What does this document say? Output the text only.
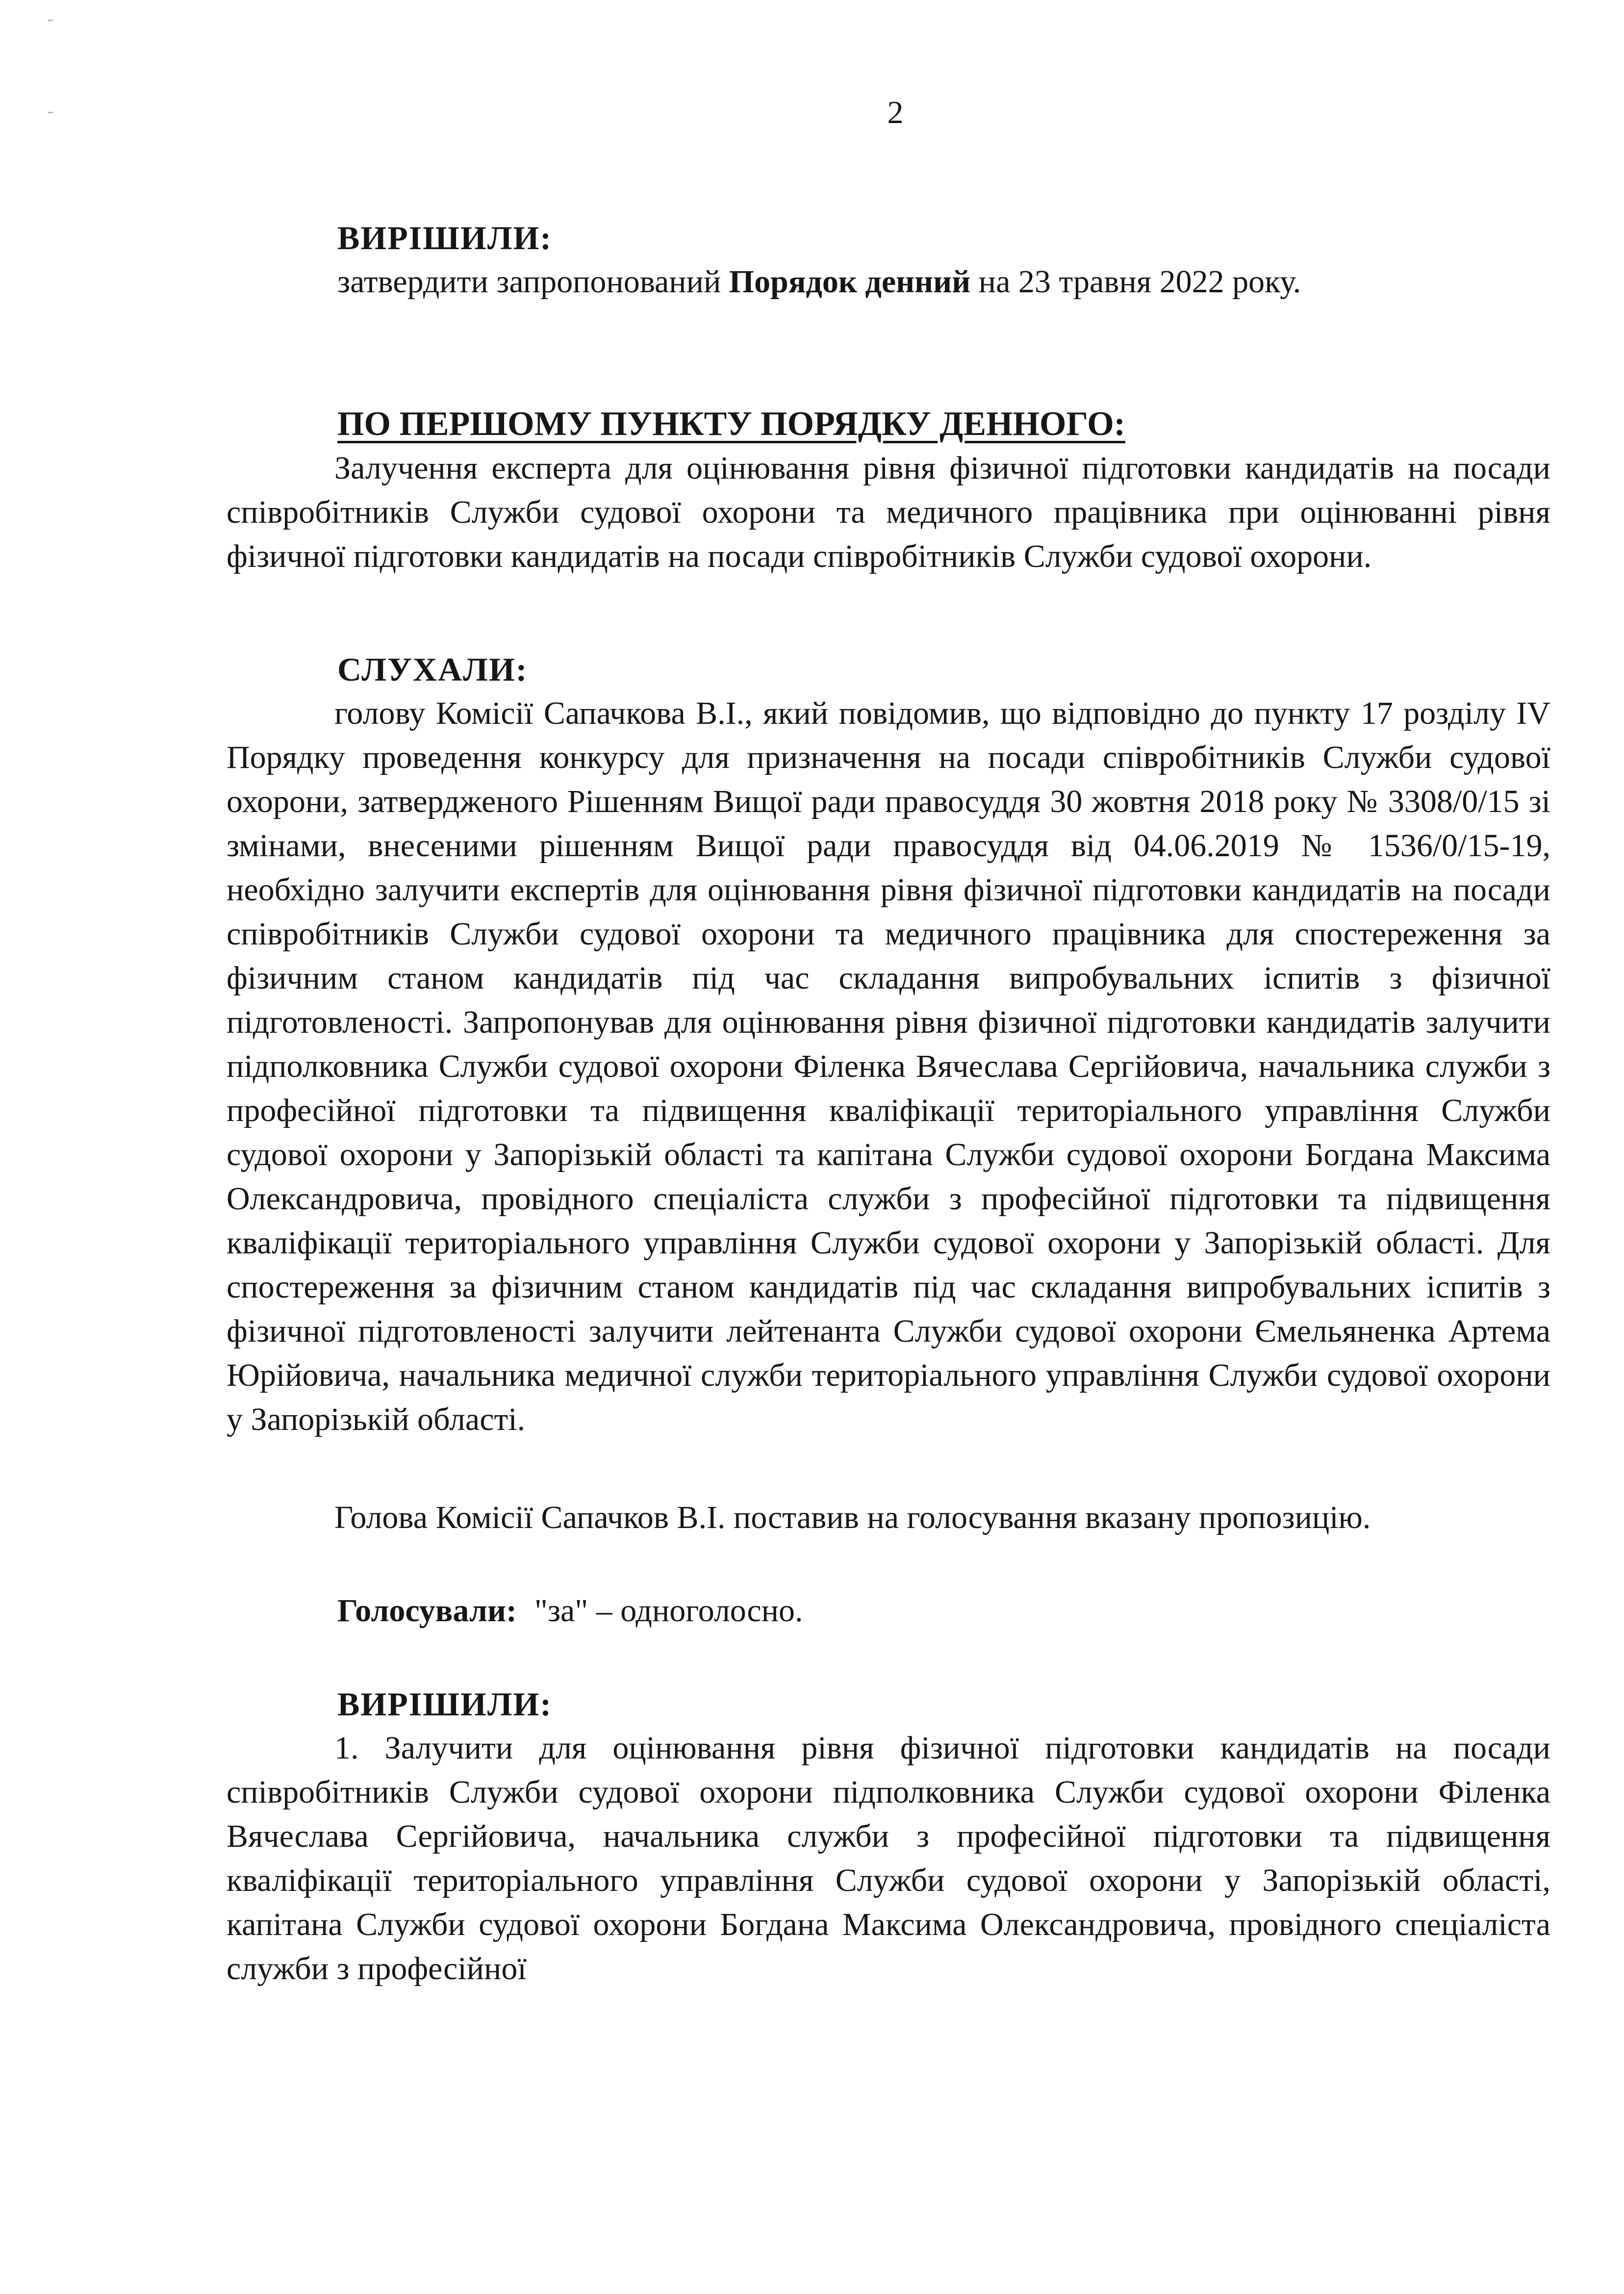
2
ВИРІШИЛИ:
затвердити запропонований Порядок денний на 23 травня 2022 року.
ПО ПЕРШОМУ ПУНКТУ ПОРЯДКУ ДЕННОГО:
Залучення експерта для оцінювання рівня фізичної підготовки кандидатів на посади співробітників Служби судової охорони та медичного працівника при оцінюванні рівня фізичної підготовки кандидатів на посади співробітників Служби судової охорони.
СЛУХАЛИ:
голову Комісії Сапачкова В.І., який повідомив, що відповідно до пункту 17 розділу IV Порядку проведення конкурсу для призначення на посади співробітників Служби судової охорони, затвердженого Рішенням Вищої ради правосуддя 30 жовтня 2018 року № 3308/0/15 зі змінами, внесеними рішенням Вищої ради правосуддя від 04.06.2019 № 1536/0/15-19, необхідно залучити експертів для оцінювання рівня фізичної підготовки кандидатів на посади співробітників Служби судової охорони та медичного працівника для спостереження за фізичним станом кандидатів під час складання випробувальних іспитів з фізичної підготовленості. Запропонував для оцінювання рівня фізичної підготовки кандидатів залучити підполковника Служби судової охорони Філенка Вячеслава Сергійовича, начальника служби з професійної підготовки та підвищення кваліфікації територіального управління Служби судової охорони у Запорізькій області та капітана Служби судової охорони Богдана Максима Олександровича, провідного спеціаліста служби з професійної підготовки та підвищення кваліфікації територіального управління Служби судової охорони у Запорізькій області. Для спостереження за фізичним станом кандидатів під час складання випробувальних іспитів з фізичної підготовленості залучити лейтенанта Служби судової охорони Ємельяненка Артема Юрійовича, начальника медичної служби територіального управління Служби судової охорони у Запорізькій області.
Голова Комісії Сапачков В.І. поставив на голосування вказану пропозицію.
Голосували: "за" – одноголосно.
ВИРІШИЛИ:
1. Залучити для оцінювання рівня фізичної підготовки кандидатів на посади співробітників Служби судової охорони підполковника Служби судової охорони Філенка Вячеслава Сергійовича, начальника служби з професійної підготовки та підвищення кваліфікації територіального управління Служби судової охорони у Запорізькій області, капітана Служби судової охорони Богдана Максима Олександровича, провідного спеціаліста служби з професійної
